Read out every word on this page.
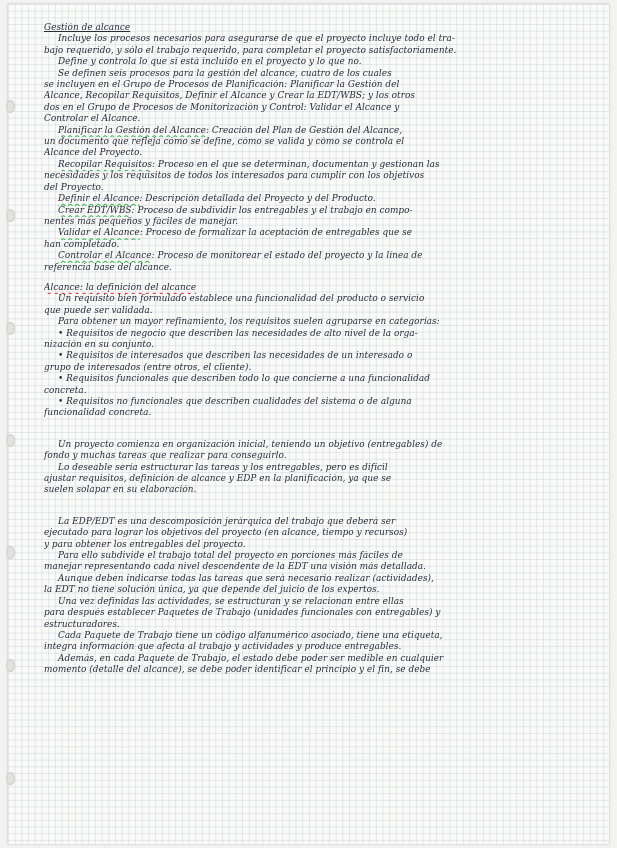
Gestión de alcance
Incluye los procesos necesarios para asegurarse de que el proyecto incluye todo el tra-
bajo requerido, y sólo el trabajo requerido, para completar el proyecto satisfactoriamente.
Define y controla lo que sí está incluido en el proyecto y lo que no.
Se definen seis procesos para la gestión del alcance, cuatro de los cuales
se incluyen en el Grupo de Procesos de Planificación: Planificar la Gestión del
Alcance, Recopilar Requisitos, Definir el Alcance y Crear la EDT/WBS; y los otros
dos en el Grupo de Procesos de Monitorización y Control: Validar el Alcance y
Controlar el Alcance.
Planificar la Gestión del Alcance: Creación del Plan de Gestión del Alcance,
un documento que refleja cómo se define, cómo se valida y cómo se controla el
Alcance del Proyecto.
Recopilar Requisitos: Proceso en el que se determinan, documentan y gestionan las
necesidades y los requisitos de todos los interesados para cumplir con los objetivos
del Proyecto.
Definir el Alcance: Descripción detallada del Proyecto y del Producto.
Crear EDT/WBS: Proceso de subdividir los entregables y el trabajo en compo-
nentes más pequeños y fáciles de manejar.
Validar el Alcance: Proceso de formalizar la aceptación de entregables que se
han completado.
Controlar el Alcance: Proceso de monitorear el estado del proyecto y la línea de
referencia base del alcance.
Alcance: la definición del alcance
Un requisito bien formulado establece una funcionalidad del producto o servicio
que puede ser validada.
Para obtener un mayor refinamiento, los requisitos suelen agruparse en categorías:
• Requisitos de negocio que describen las necesidades de alto nivel de la orga-
nización en su conjunto.
• Requisitos de interesados que describen las necesidades de un interesado o
grupo de interesados (entre otros, el cliente).
• Requisitos funcionales que describen todo lo que concierne a una funcionalidad
concreta.
• Requisitos no funcionales que describen cualidades del sistema o de alguna
funcionalidad concreta.
Un proyecto comienza en organización inicial, teniendo un objetivo (entregables) de
fondo y muchas tareas que realizar para conseguirlo.
Lo deseable sería estructurar las tareas y los entregables, pero es difícil
ajustar requisitos, definición de alcance y EDP en la planificación, ya que se
suelen solapar en su elaboración.
La EDP/EDT es una descomposición jerárquica del trabajo que deberá ser
ejecutado para lograr los objetivos del proyecto (en alcance, tiempo y recursos)
y para obtener los entregables del proyecto.
Para ello subdivide el trabajo total del proyecto en porciones más fáciles de
manejar representando cada nivel descendente de la EDT una visión más detallada.
Aunque deben indicarse todas las tareas que será necesario realizar (actividades),
la EDT no tiene solución única, ya que depende del juicio de los expertos.
Una vez definidas las actividades, se estructuran y se relacionan entre ellas
para después establecer Paquetes de Trabajo (unidades funcionales con entregables) y
estructuradores.
Cada Paquete de Trabajo tiene un código alfanumérico asociado, tiene una etiqueta,
integra información que afecta al trabajo y actividades y produce entregables.
Además, en cada Paquete de Trabajo, el estado debe poder ser medible en cualquier
momento (detalle del alcance), se debe poder identificar el principio y el fin, se debe
